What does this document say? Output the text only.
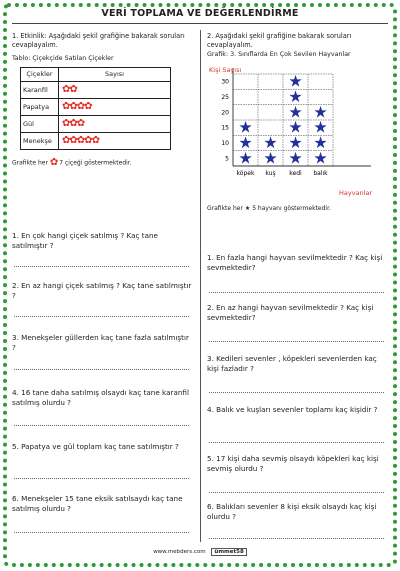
VERİ TOPLAMA VE DEĞERLENDİRME
1. Etkinlik: Aşağıdaki şekil grafiğine bakarak soruları cevaplayalım.
Tablo: Çiçekçide Satılan Çiçekler
Çiçekler	Sayısı
Karanfil	✿✿
Papatya	✿✿✿✿
Gül	✿✿✿
Menekşe	✿✿✿✿✿
Grafikte her ✿ 7 çiçeği göstermektedir.
1. En çok hangi çiçek satılmış ? Kaç tane satılmıştır ?
2. En az hangi çiçek satılmış ? Kaç tane satılmıştır ?
3. Menekşeler güllerden kaç tane fazla satılmıştır ?
4. 16 tane daha satılmış olsaydı kaç tane karanfil satılmış olurdu ?
5. Papatya ve gül toplam kaç tane satılmıştır ?
6. Menekşeler 15 tane eksik satılsaydı kaç tane satılmış olurdu ?
2. Aşağıdaki şekil grafiğine bakarak soruları cevaplayalım.
Grafik: 3. Sınıflarda En Çok Sevilen Hayvanlar
Kişi Sayısı
5
10
15
20
25
30
köpek kuş kedi balık
★
★
★
★
★
★
★
★
★
★
★
★
★
★
★
Hayvanlar
Grafikte her ★ 5 hayvanı göstermektedir.
1. En fazla hangi hayvan sevilmektedir ? Kaç kişi sevmektedir?
2. En az hangi hayvan sevilmektedir ? Kaç kişi sevmektedir?
3. Kedileri sevenler , köpekleri sevenlerden kaç kişi fazladır ?
4. Balık ve kuşları sevenler toplamı kaç kişidir ?
5. 17 kişi daha sevmiş olsaydı köpekleri kaç kişi sevmiş olurdu ?
6. Balıkları sevenler 8 kişi eksik olsaydı kaç kişi olurdu ?
www.mebders.com ümmet58
